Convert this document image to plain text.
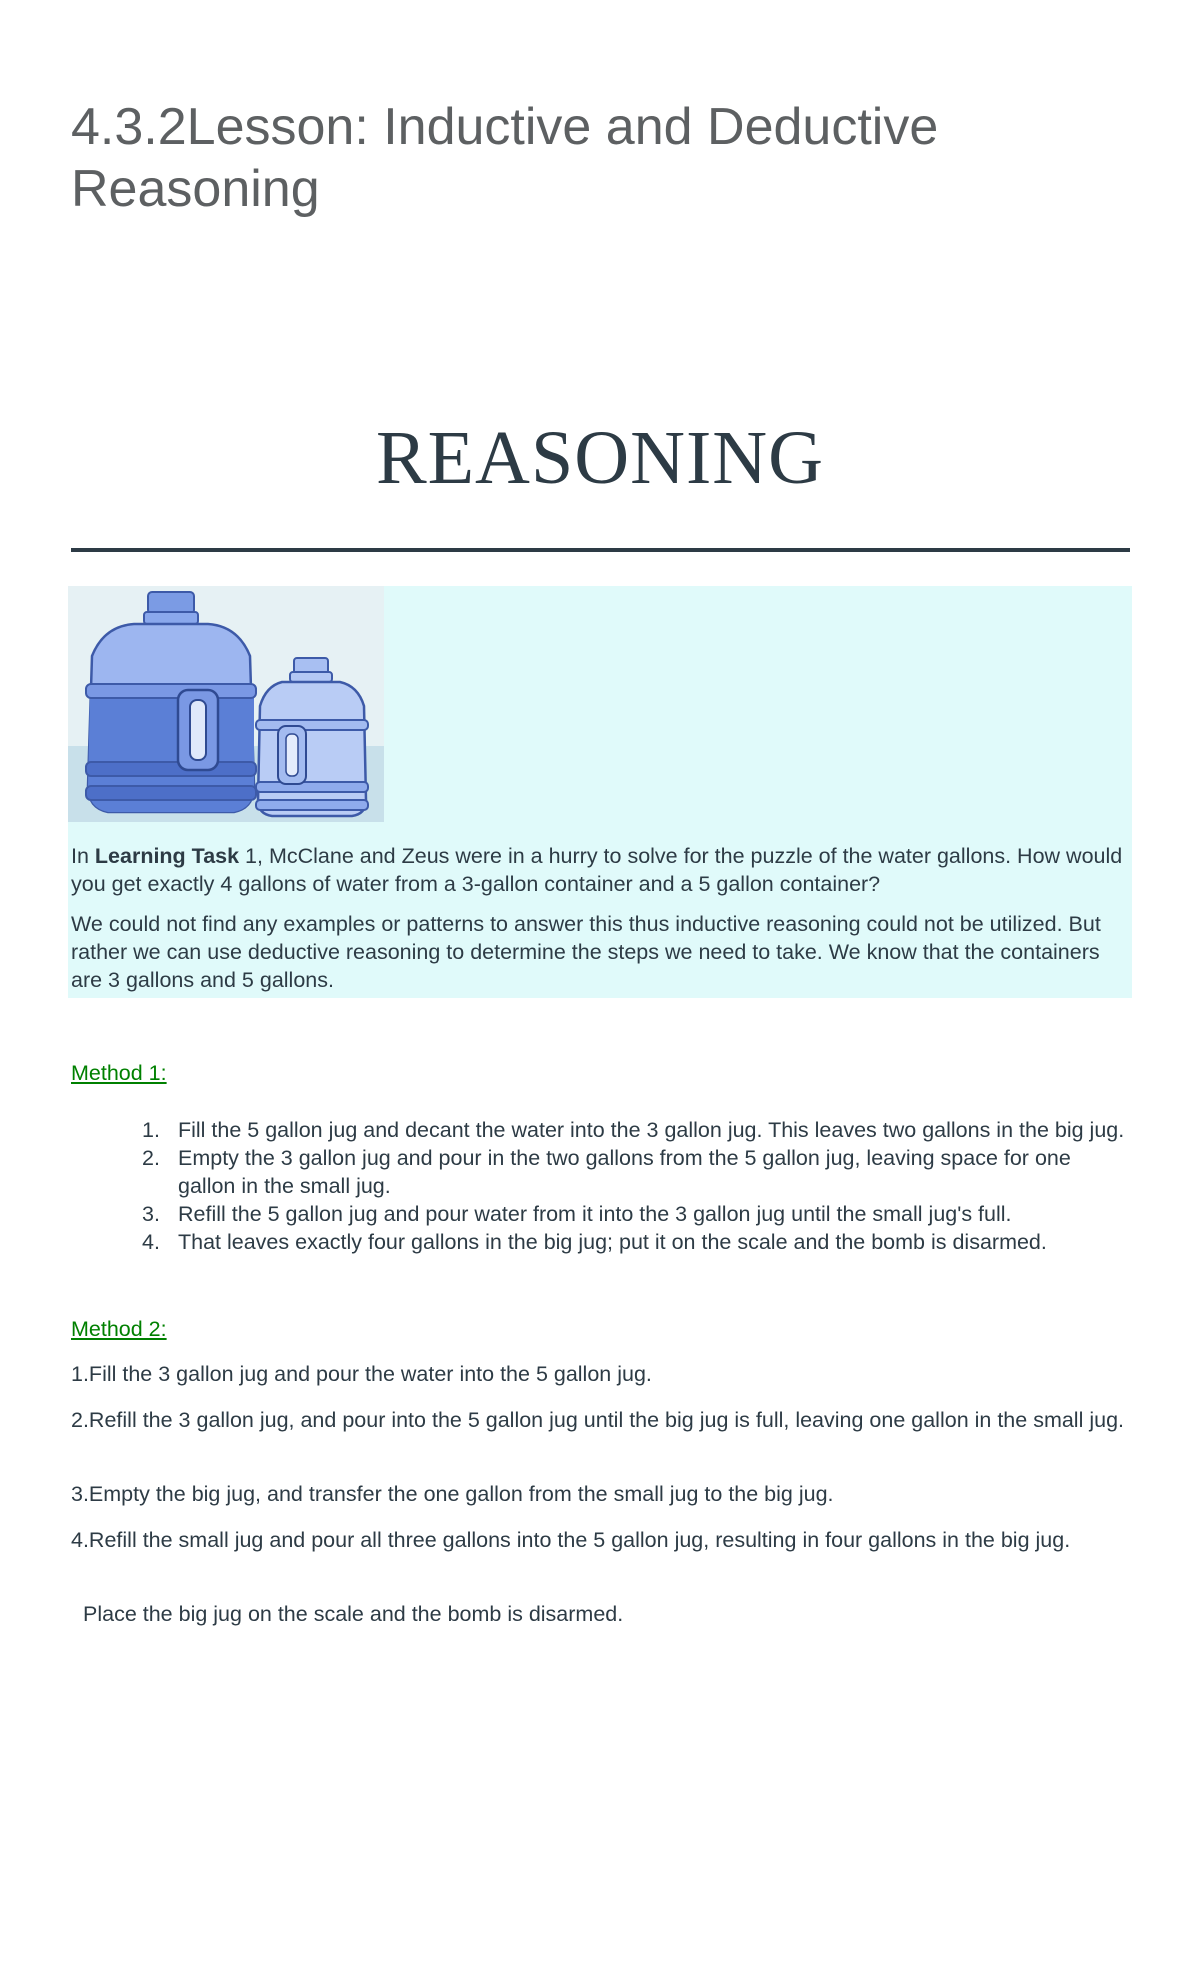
4.3.2Lesson: Inductive and Deductive Reasoning
REASONING

In Learning Task 1, McClane and Zeus were in a hurry to solve for the puzzle of the water gallons. How would you get exactly 4 gallons of water from a 3-gallon container and a 5 gallon container?

We could not find any examples or patterns to answer this thus inductive reasoning could not be utilized. But rather we can use deductive reasoning to determine the steps we need to take. We know that the containers are 3 gallons and 5 gallons.

Method 1:
1. Fill the 5 gallon jug and decant the water into the 3 gallon jug. This leaves two gallons in the big jug.
2. Empty the 3 gallon jug and pour in the two gallons from the 5 gallon jug, leaving space for one gallon in the small jug.
3. Refill the 5 gallon jug and pour water from it into the 3 gallon jug until the small jug's full.
4. That leaves exactly four gallons in the big jug; put it on the scale and the bomb is disarmed.
Method 2:

1.Fill the 3 gallon jug and pour the water into the 5 gallon jug.

2.Refill the 3 gallon jug, and pour into the 5 gallon jug until the big jug is full, leaving one gallon in the small jug.

3.Empty the big jug, and transfer the one gallon from the small jug to the big jug.

4.Refill the small jug and pour all three gallons into the 5 gallon jug, resulting in four gallons in the big jug.

Place the big jug on the scale and the bomb is disarmed.
